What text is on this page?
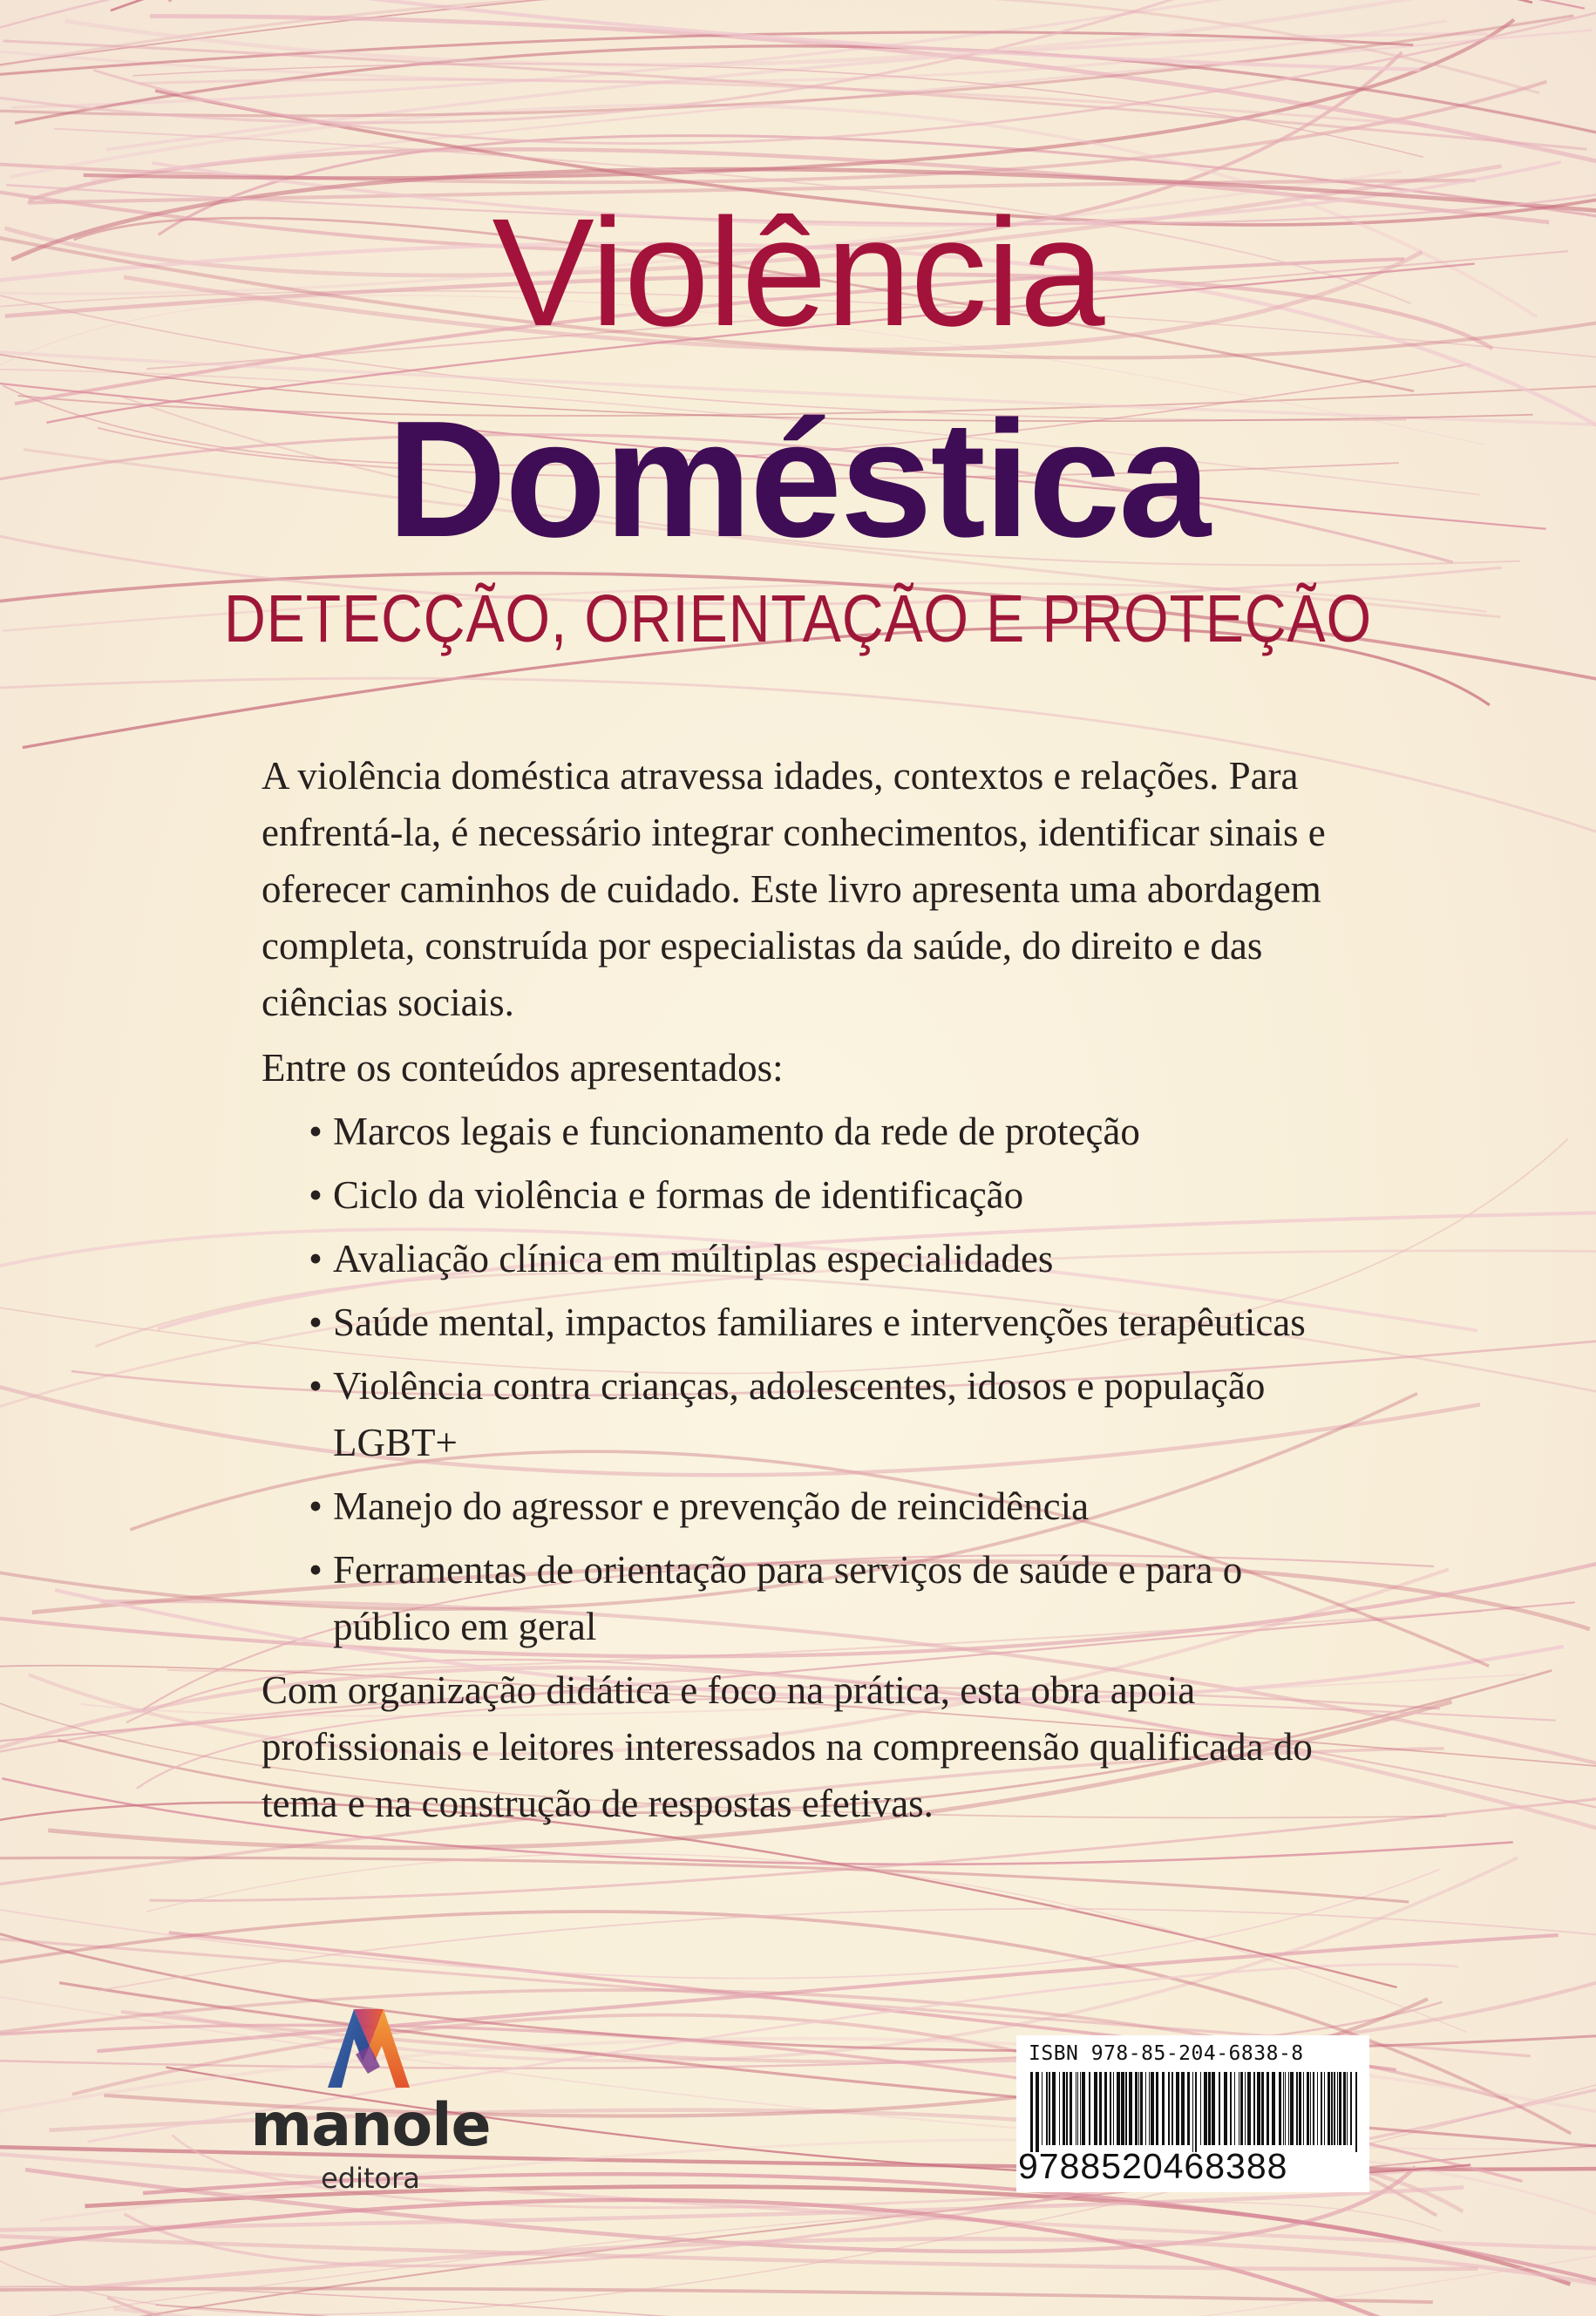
Violência
Doméstica
DETECÇÃO, ORIENTAÇÃO E PROTEÇÃO

A violência doméstica atravessa idades, contextos e relações. Para enfrentá-la, é necessário integrar conhecimentos, identificar sinais e oferecer caminhos de cuidado. Este livro apresenta uma abordagem completa, construída por especialistas da saúde, do direito e das ciências sociais.

Entre os conteúdos apresentados:

• Marcos legais e funcionamento da rede de proteção
• Ciclo da violência e formas de identificação
• Avaliação clínica em múltiplas especialidades
• Saúde mental, impactos familiares e intervenções terapêuticas
• Violência contra crianças, adolescentes, idosos e população LGBT+
• Manejo do agressor e prevenção de reincidência
• Ferramentas de orientação para serviços de saúde e para o público em geral

Com organização didática e foco na prática, esta obra apoia profissionais e leitores interessados na compreensão qualificada do tema e na construção de respostas efetivas.

manole
editora
ISBN 978-85-204-6838-8
9788520468388
